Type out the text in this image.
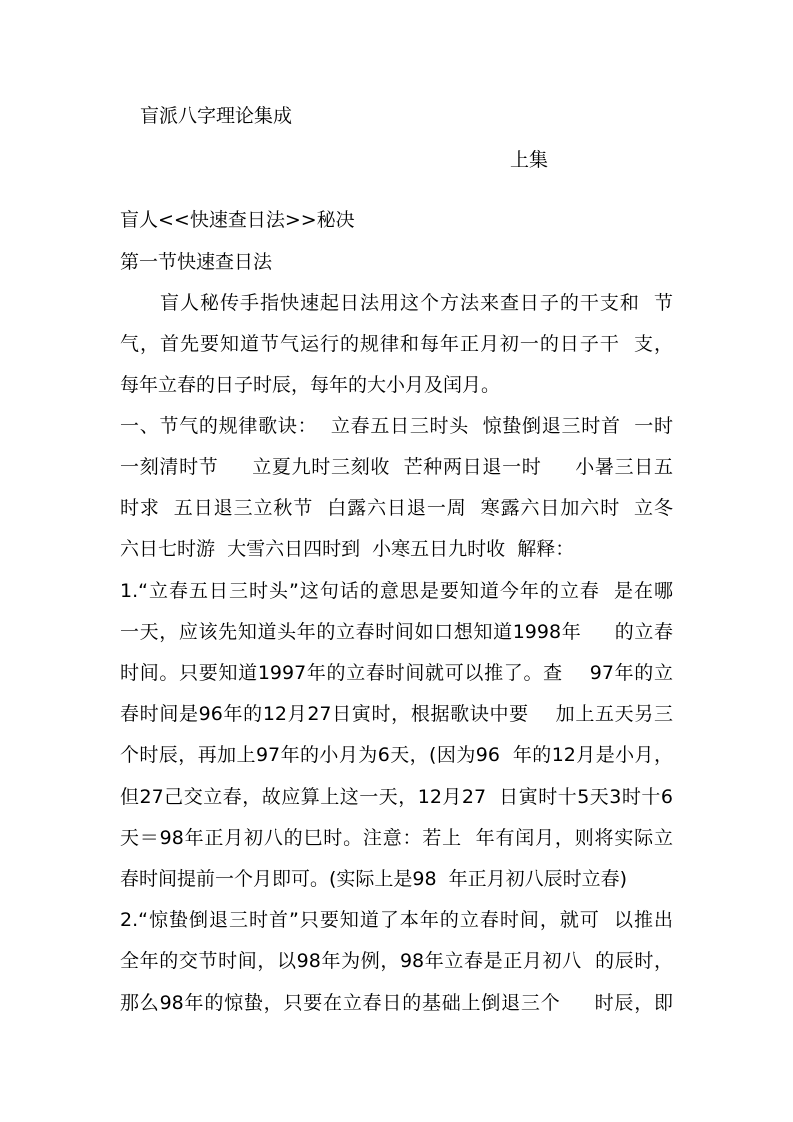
盲派八字理论集成
上集
盲人<<快速查日法>>秘决
第一节快速查日法
盲人秘传手指快速起日法用这个方法来查日子的干支和  节
气，首先要知道节气运行的规律和每年正月初一的日子干  支，
每年立春的日子时辰，每年的大小月及闰月。
一、节气的规律歌诀：  立春五日三时头  惊蛰倒退三时首  一时
一刻清时节     立夏九时三刻收  芒种两日退一时     小暑三日五
时求  五日退三立秋节  白露六日退一周  寒露六日加六时  立冬
六日七时游  大雪六日四时到  小寒五日九时收  解释：
1.“立春五日三时头”这句话的意思是要知道今年的立春  是在哪
一天，应该先知道头年的立春时间如口想知道1998年     的立春
时间。只要知道1997年的立春时间就可以推了。查    97年的立
春时间是96年的12月27日寅时，根据歌诀中要    加上五天另三
个时辰，再加上97年的小月为6天，(因为96  年的12月是小月，
但27己交立春，故应算上这一天，12月27  日寅时十5天3时十6
天＝98年正月初八的巳时。注意：若上  年有闰月，则将实际立
春时间提前一个月即可。(实际上是98  年正月初八辰时立春)
2.“惊蛰倒退三时首”只要知道了本年的立春时间，就可  以推出
全年的交节时间，以98年为例，98年立春是正月初八  的辰时，
那么98年的惊蛰，只要在立春日的基础上倒退三个     时辰，即
